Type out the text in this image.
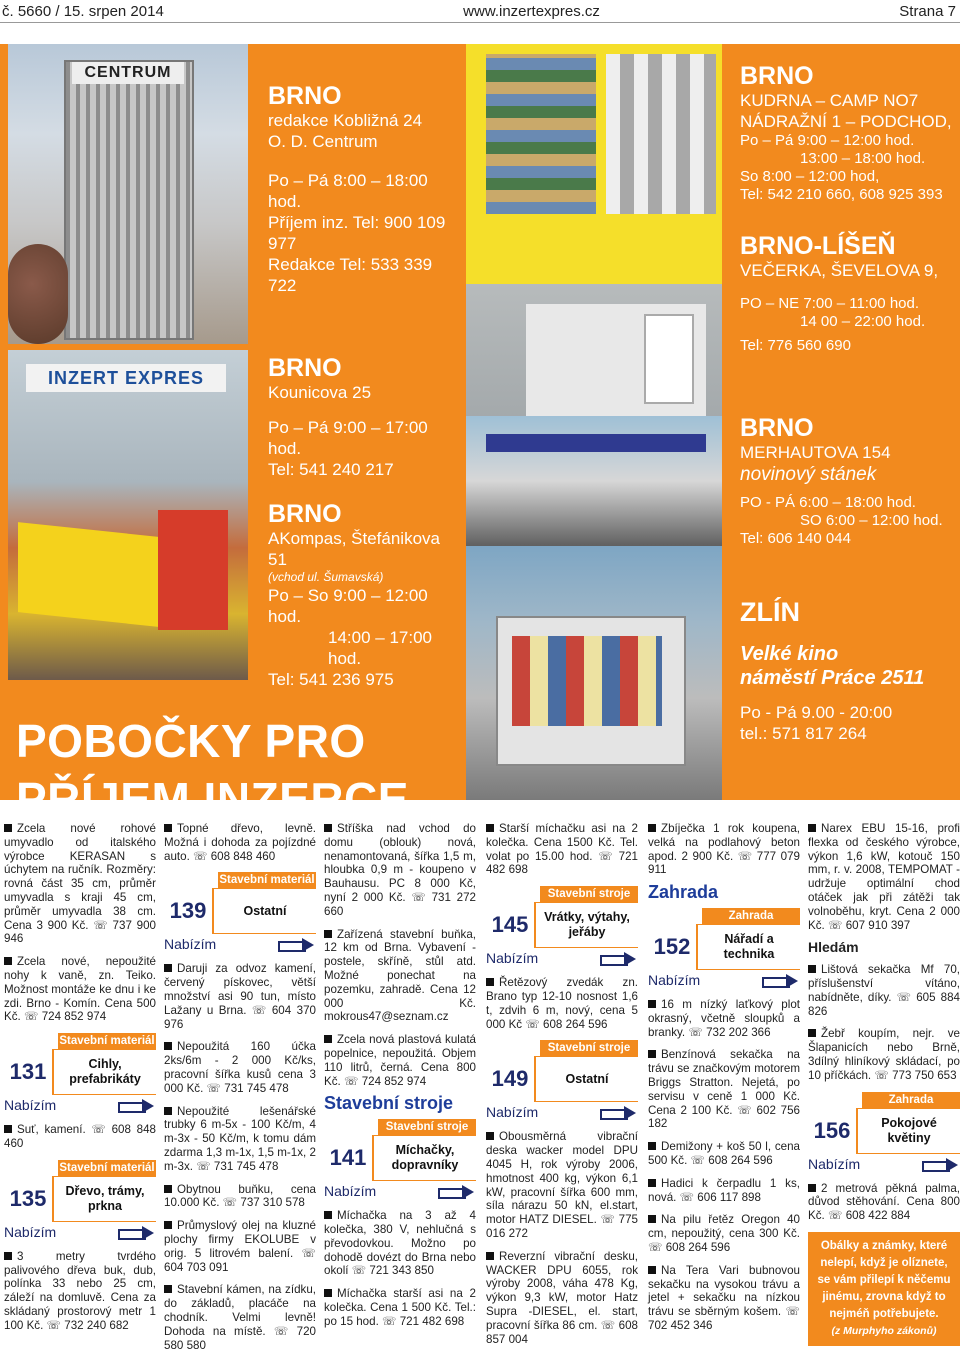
č. 5660 / 15. srpen 2014	www.inzertexpres.cz	Strana 7
CENTRUM
INZERT EXPRES
BRNO
redakce Kobližná 24
O. D. Centrum
Po – Pá 8:00 – 18:00 hod.
Příjem inz. Tel: 900 109 977
Redakce Tel: 533 339 722
BRNO
Kounicova 25
Po – Pá 9:00 – 17:00 hod.
Tel: 541 240 217
BRNO
AKompas, Štefánikova 51
(vchod ul. Šumavská)
Po – So 9:00 – 12:00 hod.
14:00 – 17:00 hod.
Tel: 541 236 975
BRNO
KUDRNA – CAMP NO7
NÁDRAŽNÍ 1 – PODCHOD,
Po – Pá 9:00 – 12:00 hod.
13:00 – 18:00 hod.
So 8:00 – 12:00 hod,
Tel: 542 210 660, 608 925 393
BRNO-LÍŠEŇ
VEČERKA, ŠEVELOVA 9,
PO – NE 7:00 – 11:00 hod.
14 00 – 22:00 hod.
Tel: 776 560 690
BRNO
MERHAUTOVA 154
novinový stánek
PO - PÁ 6:00 – 18:00 hod.
SO 6:00 – 12:00 hod.
Tel: 606 140 044
ZLÍN
Velké kino
náměstí Práce 2511
Po - Pá 9.00 - 20:00
tel.: 571 817 264
POBOČKY PRO
PŘÍJEM INZERCE

Zcela nové rohové umyvadlo od italského výrobce KERASAN s úchytem na ručník. Rozměry: rovná část 35 cm, průměr umyvadla s kraji 45 cm, průměr umyvadla 38 cm. Cena 3 900 Kč. ☏ 737 900 946

Zcela nové, nepoužité nohy k vaně, zn. Teiko. Možnost montáže ke dnu i ke zdi. Brno - Komín. Cena 500 Kč. ☏ 724 852 974

Stavební materiál
131	Cihly, prefabrikáty
Nabízím

Suť, kamení. ☏ 608 848 460

Stavební materiál
135	Dřevo, trámy, prkna
Nabízím

3 metry tvrdého palivového dřeva buk, dub, polínka 33 nebo 25 cm, záleží na domluvě. Cena za skládaný prostorový metr 1 100 Kč. ☏ 732 240 682

Topné dřevo, levně. Možná i dohoda za pojízdné auto. ☏ 608 848 460

Stavební materiál
139	Ostatní
Nabízím

Daruji za odvoz kamení, červený pískovec, větší množství asi 90 tun, místo Lažany u Brna. ☏ 604 370 976

Nepoužitá 160 účka 2ks/6m - 2 000 Kč/ks, pracovní šířka kusů cena 3 000 Kč. ☏ 731 745 478

Nepoužité lešenářské trubky 6 m-5x - 100 Kč/m, 4 m-3x - 50 Kč/m, k tomu dám zdarma 1,3 m-1x, 1,5 m-1x, 2 m-3x. ☏ 731 745 478

Obytnou buňku, cena 10.000 Kč. ☏ 737 310 578

Průmyslový olej na kluzné plochy firmy EKOLUBE v orig. 5 litrovém balení. ☏ 604 703 091

Stavební kámen, na zídku, do základů, placáče na chodník. Velmi levně! Dohoda na místě. ☏ 720 580 580

Stříška nad vchod do domu (oblouk) nová, nenamontovaná, šířka 1,5 m, hloubka 0,9 m - koupeno v Bauhausu. PC 8 000 Kč, nyní 2 000 Kč. ☏ 731 272 660

Zařízená stavební buňka, 12 km od Brna. Vybavení - postele, skříně, stůl atd. Možné ponechat na pozemku, zahradě. Cena 12 000 Kč. mokrous47@seznam.cz

Zcela nová plastová kulatá popelnice, nepoužitá. Objem 110 litrů, černá. Cena 800 Kč. ☏ 724 852 974

Stavební stroje
Stavební stroje
141	Míchačky, dopravníky
Nabízím

Míchačka na 3 až 4 kolečka, 380 V, nehlučná s převodovkou. Možno po dohodě dovézt do Brna nebo okolí ☏ 721 343 850

Míchačka starší asi na 2 kolečka. Cena 1 500 Kč. Tel.: po 15 hod. ☏ 721 482 698

Starší míchačku asi na 2 kolečka. Cena 1500 Kč. Tel. volat po 15.00 hod. ☏ 721 482 698

Stavební stroje
145	Vrátky, výtahy, jeřáby
Nabízím

Řetězový zvedák zn. Brano typ 12-10 nosnost 1,6 t, zdvih 6 m, nový, cena 5 000 Kč ☏ 608 264 596

Stavební stroje
149	Ostatní
Nabízím

Obousměrná vibrační deska wacker model DPU 4045 H, rok výroby 2006, hmotnost 400 kg, výkon 6,1 kW, pracovní šířka 600 mm, síla nárazu 50 kN, el.start, motor HATZ DIESEL. ☏ 775 016 272

Reverzní vibrační desku, WACKER DPU 6055, rok výroby 2008, váha 478 Kg, výkon 9,3 kW, motor Hatz Supra -DIESEL, el. start, pracovní šířka 86 cm. ☏ 608 857 004

Zbíječka 1 rok koupena, velká na podlahový beton apod. 2 900 Kč. ☏ 777 079 911

Zahrada
Zahrada
152	Nářadí a technika
Nabízím

16 m nízký laťkový plot okrasný, včetně sloupků a branky. ☏ 732 202 366

Benzínová sekačka na trávu se značkovým motorem Briggs Stratton. Nejetá, po servisu v ceně 1 000 Kč. Cena 2 100 Kč. ☏ 602 756 182

Demižony + koš 50 l, cena 500 Kč. ☏ 608 264 596

Hadici k čerpadlu 1 ks, nová. ☏ 606 117 898

Na pilu řetěz Oregon 40 cm, nepoužitý, cena 300 Kč. ☏ 608 264 596

Na Tera Vari bubnovou sekačku na vysokou trávu a jetel + sekačku na nízkou trávu se sběrným košem. ☏ 702 452 346

Narex EBU 15-16, profi flexka od českého výrobce, výkon 1,6 kW, kotouč 150 mm, r. v. 2008, TEMPOMAT - udržuje optimální chod otáček jak při zátěži tak volnoběhu, kryt. Cena 2 000 Kč. ☏ 607 910 397

Hledám

Lištová sekačka Mf 70, příslušenství vítáno, nabídněte, díky. ☏ 605 884 826

Žebř koupím, nejr. ve Šlapanicích nebo Brně, 3dílný hliníkový skládací, po 10 příčkách. ☏ 773 750 653

Zahrada
156	Pokojové květiny
Nabízím

2 metrová pěkná palma, důvod stěhování. Cena 800 Kč. ☏ 608 422 884

Obálky a známky, které
nelepí, když je olíznete,
se vám přilepí k něčemu
jinému, zrovna když to
nejméň potřebujete.
(z Murphyho zákonů)
